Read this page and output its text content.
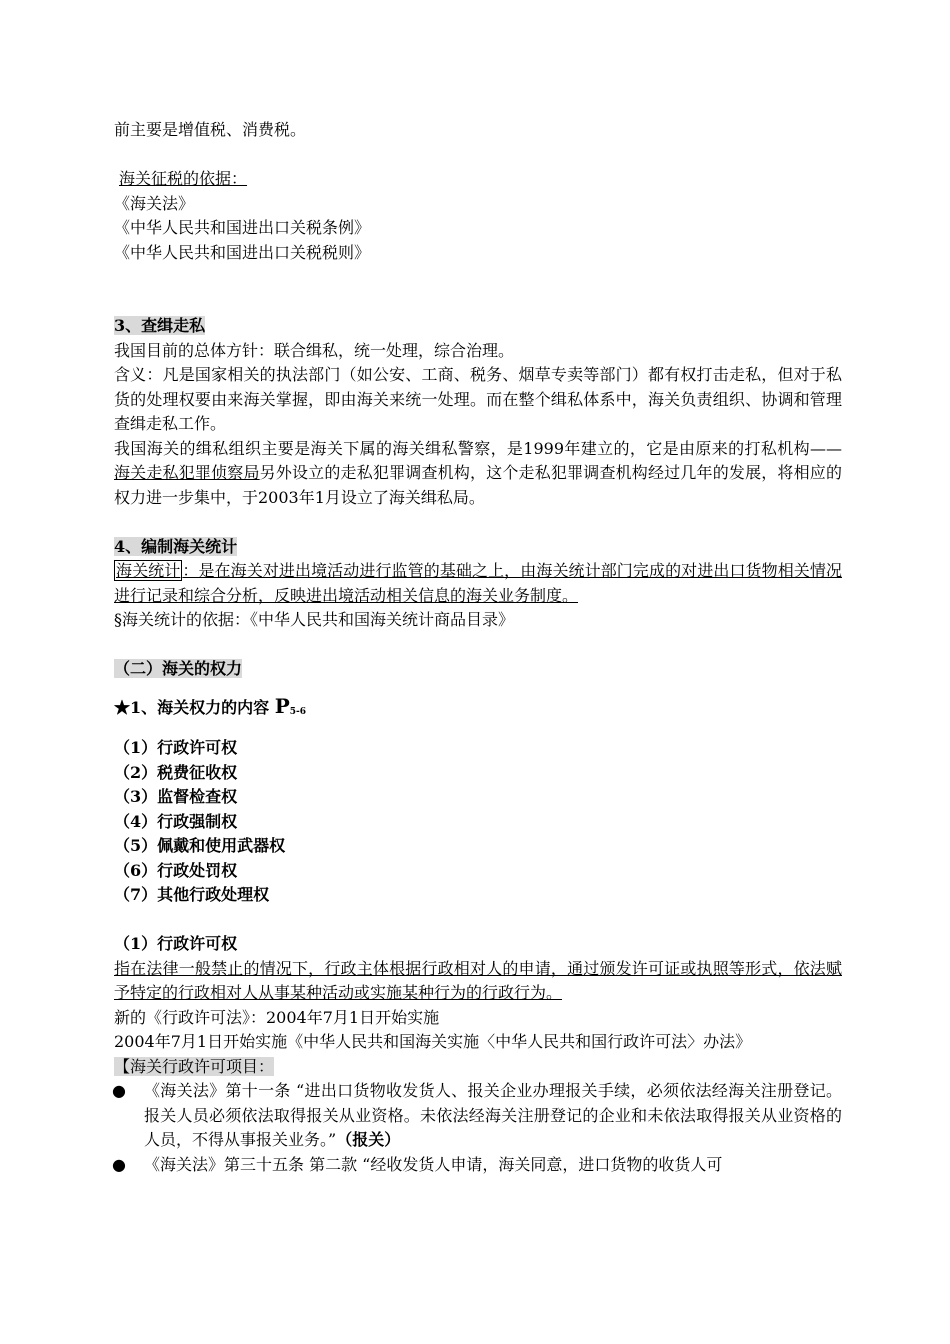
前主要是增值税、消费税。
海关征税的依据：
《海关法》
《中华人民共和国进出口关税条例》
《中华人民共和国进出口关税税则》
3、查缉走私
我国目前的总体方针：联合缉私，统一处理，综合治理。
含义：凡是国家相关的执法部门（如公安、工商、税务、烟草专卖等部门）都有权打击走私，但对于私货的处理权要由来海关掌握，即由海关来统一处理。而在整个缉私体系中，海关负责组织、协调和管理查缉走私工作。
我国海关的缉私组织主要是海关下属的海关缉私警察，是1999年建立的，它是由原来的打私机构——海关走私犯罪侦察局另外设立的走私犯罪调查机构，这个走私犯罪调查机构经过几年的发展，将相应的权力进一步集中，于2003年1月设立了海关缉私局。
4、编制海关统计
海关统计 ：是在海关对进出境活动进行监管的基础之上，由海关统计部门完成的对进出口货物相关情况进行记录和综合分析，反映进出境活动相关信息的海关业务制度。
§海关统计的依据：《中华人民共和国海关统计商品目录》
（二）海关的权力
★1、海关权力的内容 P5-6
（1）行政许可权
（2）税费征收权
（3）监督检查权
（4）行政强制权
（5）佩戴和使用武器权
（6）行政处罚权
（7）其他行政处理权
（1）行政许可权
指在法律一般禁止的情况下，行政主体根据行政相对人的申请，通过颁发许可证或执照等形式，依法赋予特定的行政相对人从事某种活动或实施某种行为的行政行为。
新的《行政许可法》：2004年7月1日开始实施
2004年7月1日开始实施《中华人民共和国海关实施〈中华人民共和国行政许可法〉办法》
【海关行政许可项目：
● 《海关法》第十一条 “进出口货物收发货人、报关企业办理报关手续，必须依法经海关注册登记。报关人员必须依法取得报关从业资格。未依法经海关注册登记的企业和未依法取得报关从业资格的人员，不得从事报关业务。”（报关）
● 《海关法》第三十五条 第二款 “经收发货人申请，海关同意，进口货物的收货人可
